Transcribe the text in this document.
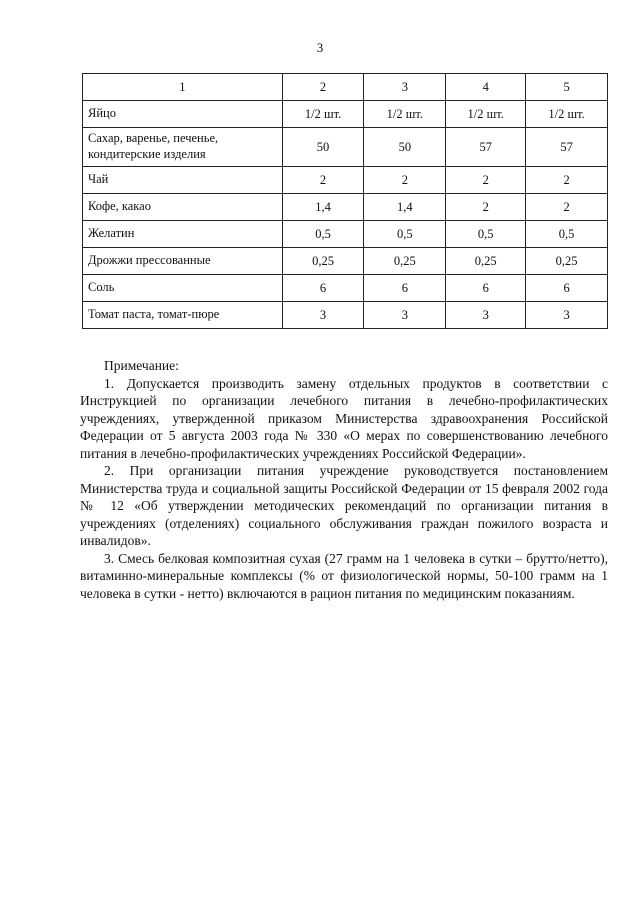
3
1	2	3	4	5
Яйцо	1/2 шт.	1/2 шт.	1/2 шт.	1/2 шт.
Сахар, варенье, печенье, кондитерские изделия	50	50	57	57
Чай	2	2	2	2
Кофе, какао	1,4	1,4	2	2
Желатин	0,5	0,5	0,5	0,5
Дрожжи прессованные	0,25	0,25	0,25	0,25
Соль	6	6	6	6
Томат паста, томат-пюре	3	3	3	3

Примечание:

1. Допускается производить замену отдельных продуктов в соответствии с Инструкцией по организации лечебного питания в лечебно-профилактических учреждениях, утвержденной приказом Министерства здравоохранения Российской Федерации от 5 августа 2003 года № 330 «О мерах по совершенствованию лечебного питания в лечебно-профилактических учреждениях Российской Федерации».

2. При организации питания учреждение руководствуется постановлением Министерства труда и социальной защиты Российской Федерации от 15 февраля 2002 года № 12 «Об утверждении методических рекомендаций по организации питания в учреждениях (отделениях) социального обслуживания граждан пожилого возраста и инвалидов».

3. Смесь белковая композитная сухая (27 грамм на 1 человека в сутки – брутто/нетто), витаминно-минеральные комплексы (% от физиологической нормы, 50-100 грамм на 1 человека в сутки - нетто) включаются в рацион питания по медицинским показаниям.
